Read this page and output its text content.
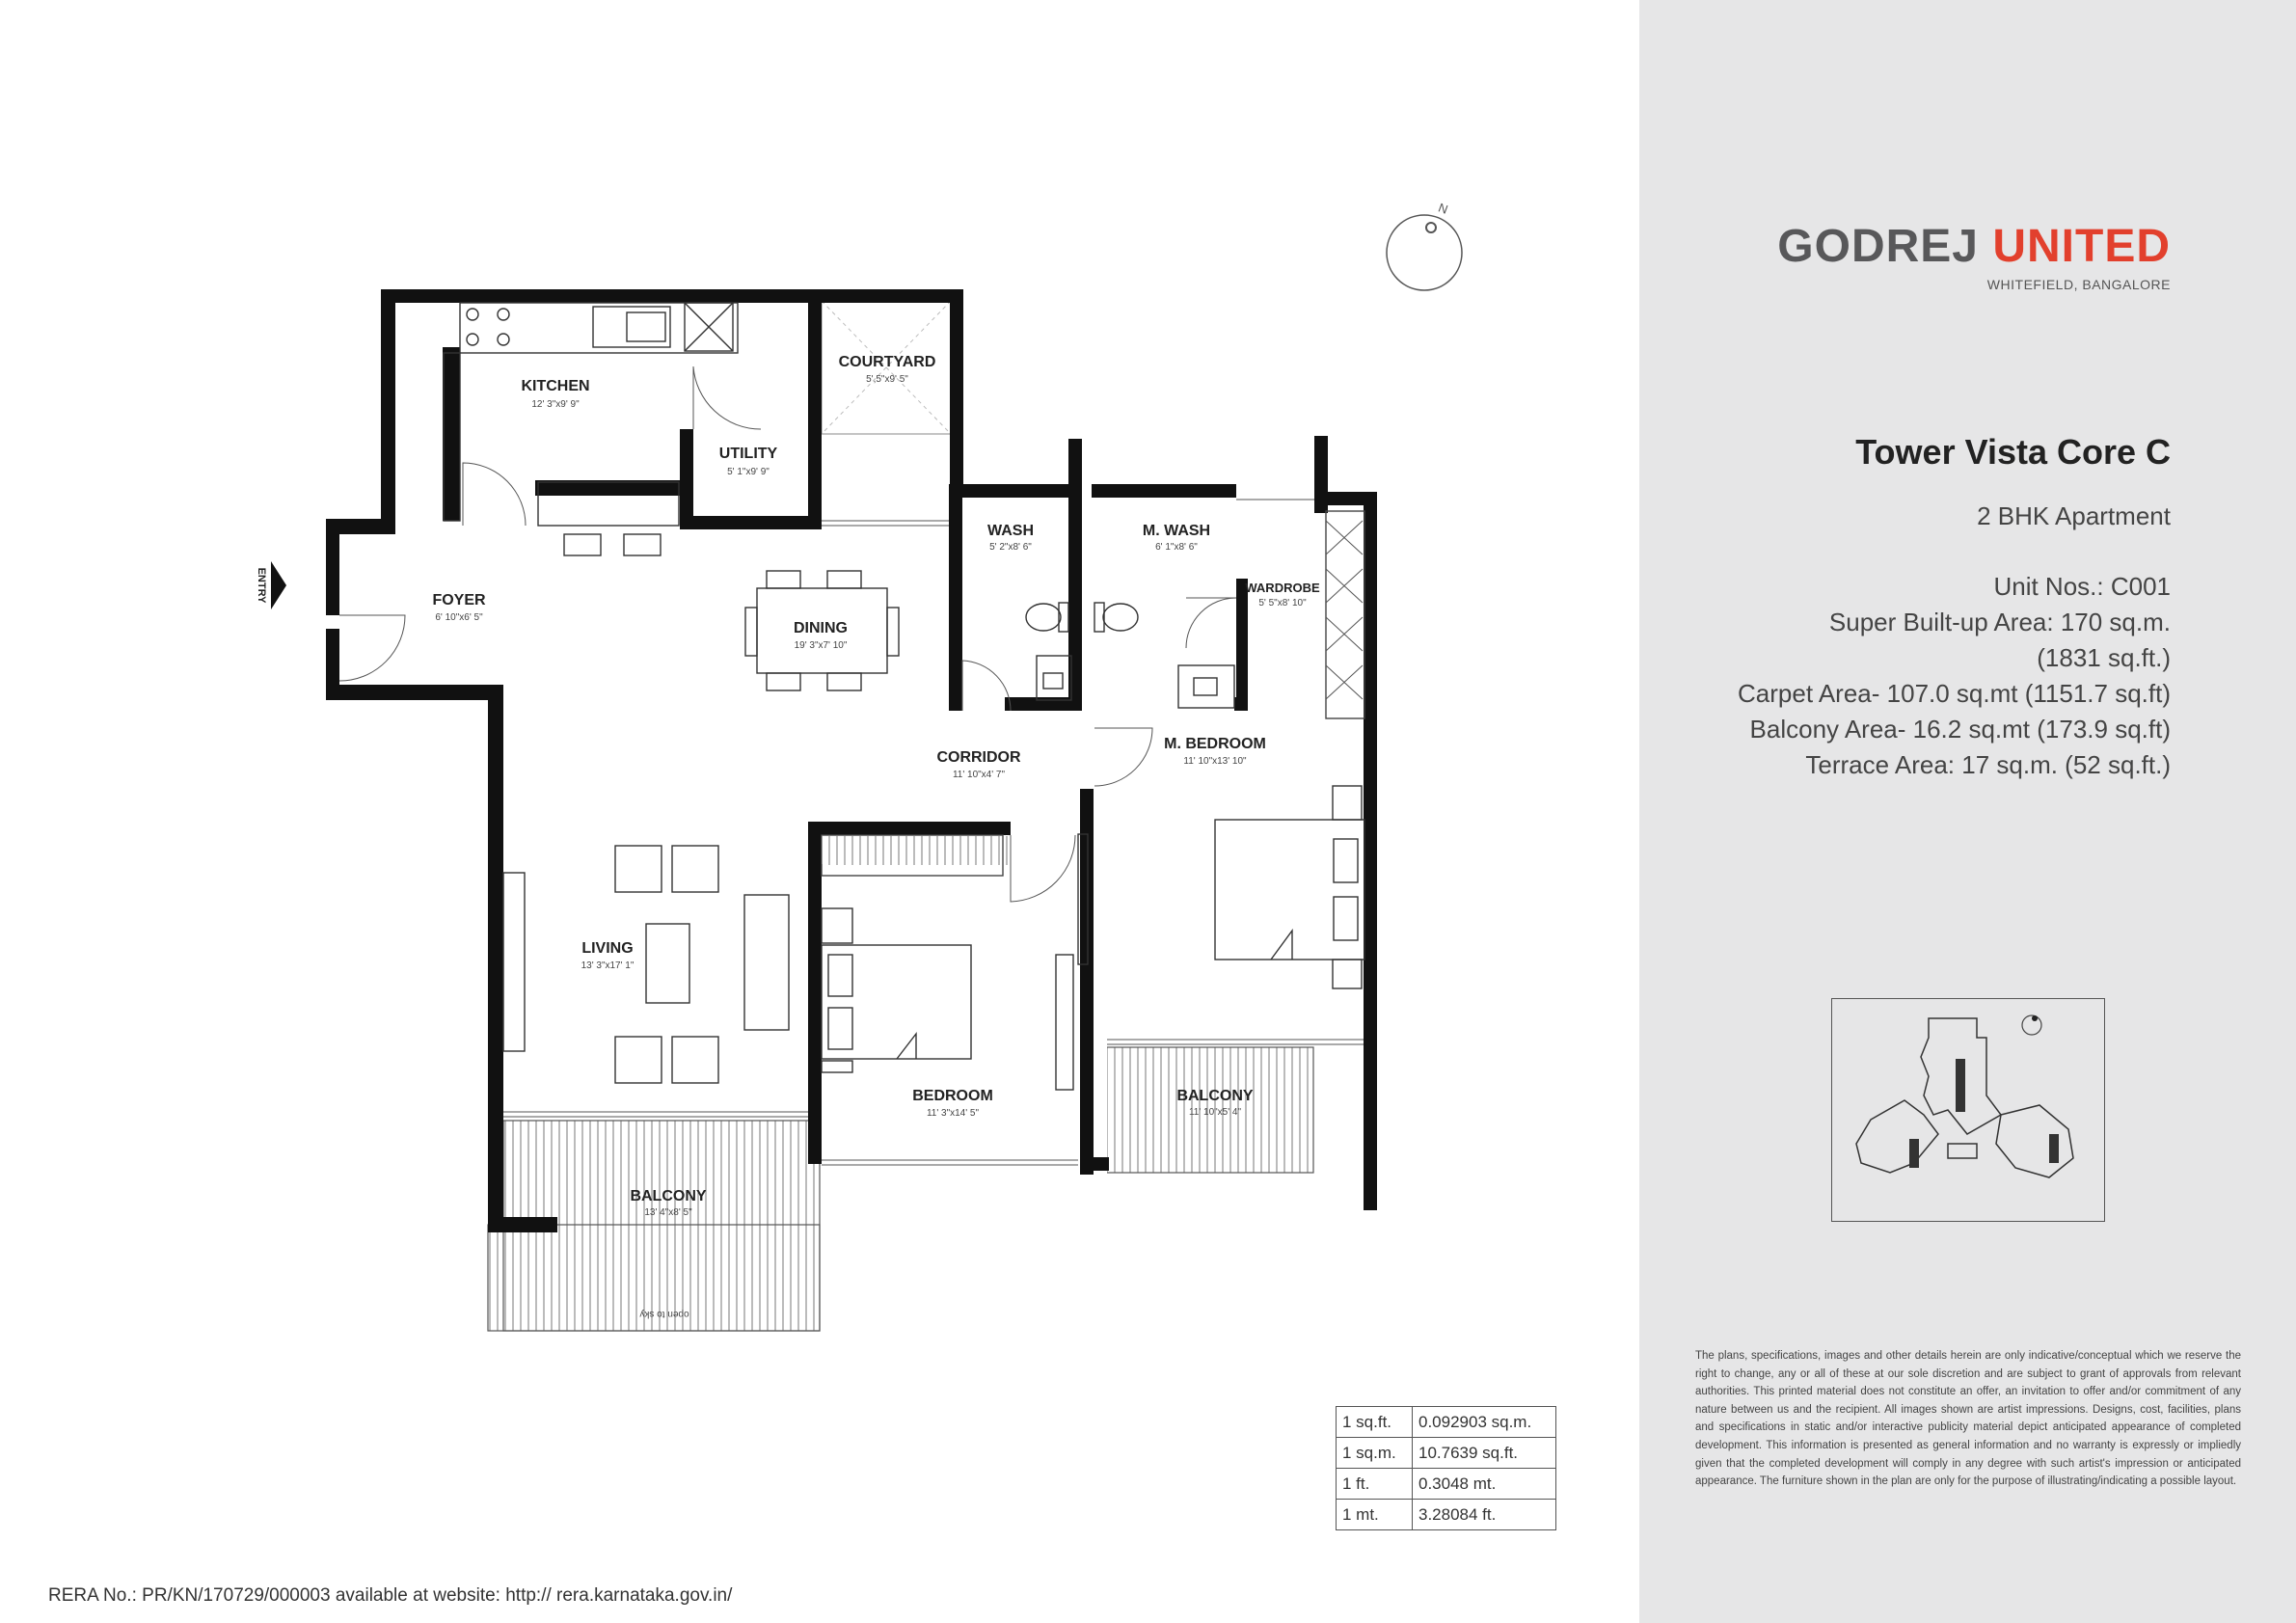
N
ENTRY
KITCHEN
12' 3"x9' 9"
UTILITY
5' 1"x9' 9"
COURTYARD
5',5"x9' 5"
FOYER
6' 10"x6' 5"
DINING
19' 3"x7' 10"
WASH
5' 2"x8' 6"
M. WASH
6' 1"x8' 6"
WARDROBE
5' 5"x8' 10"
CORRIDOR
11' 10"x4' 7"
M. BEDROOM
11' 10"x13' 10"
LIVING
13' 3"x17' 1"
BEDROOM
11' 3"x14' 5"
BALCONY
11' 10"x5' 4"
BALCONY
13' 4"x8' 5"
open to sky
GODREJ UNITED
WHITEFIELD, BANGALORE
Tower Vista Core C
2 BHK Apartment
Unit Nos.: C001
Super Built-up Area: 170 sq.m.
(1831 sq.ft.)
Carpet Area- 107.0 sq.mt (1151.7 sq.ft)
Balcony Area- 16.2 sq.mt (173.9 sq.ft)
Terrace Area: 17 sq.m. (52 sq.ft.)
The plans, specifications, images and other details herein are only indicative/conceptual which we reserve the right to change, any or all of these at our sole discretion and are subject to grant of approvals from relevant authorities. This printed material does not constitute an offer, an invitation to offer and/or commitment of any nature between us and the recipient. All images shown are artist impressions. Designs, cost, facilities, plans and specifications in static and/or interactive publicity material depict anticipated appearance of completed development. This information is presented as general information and no warranty is expressly or impliedly given that the completed development will comply in any degree with such artist's impression or anticipated appearance. The furniture shown in the plan are only for the purpose of illustrating/indicating a possible layout.
1 sq.ft.	0.092903 sq.m.
1 sq.m.	10.7639 sq.ft.
1 ft.	0.3048 mt.
1 mt.	3.28084 ft.
RERA No.: PR/KN/170729/000003 available at website: http:// rera.karnataka.gov.in/
